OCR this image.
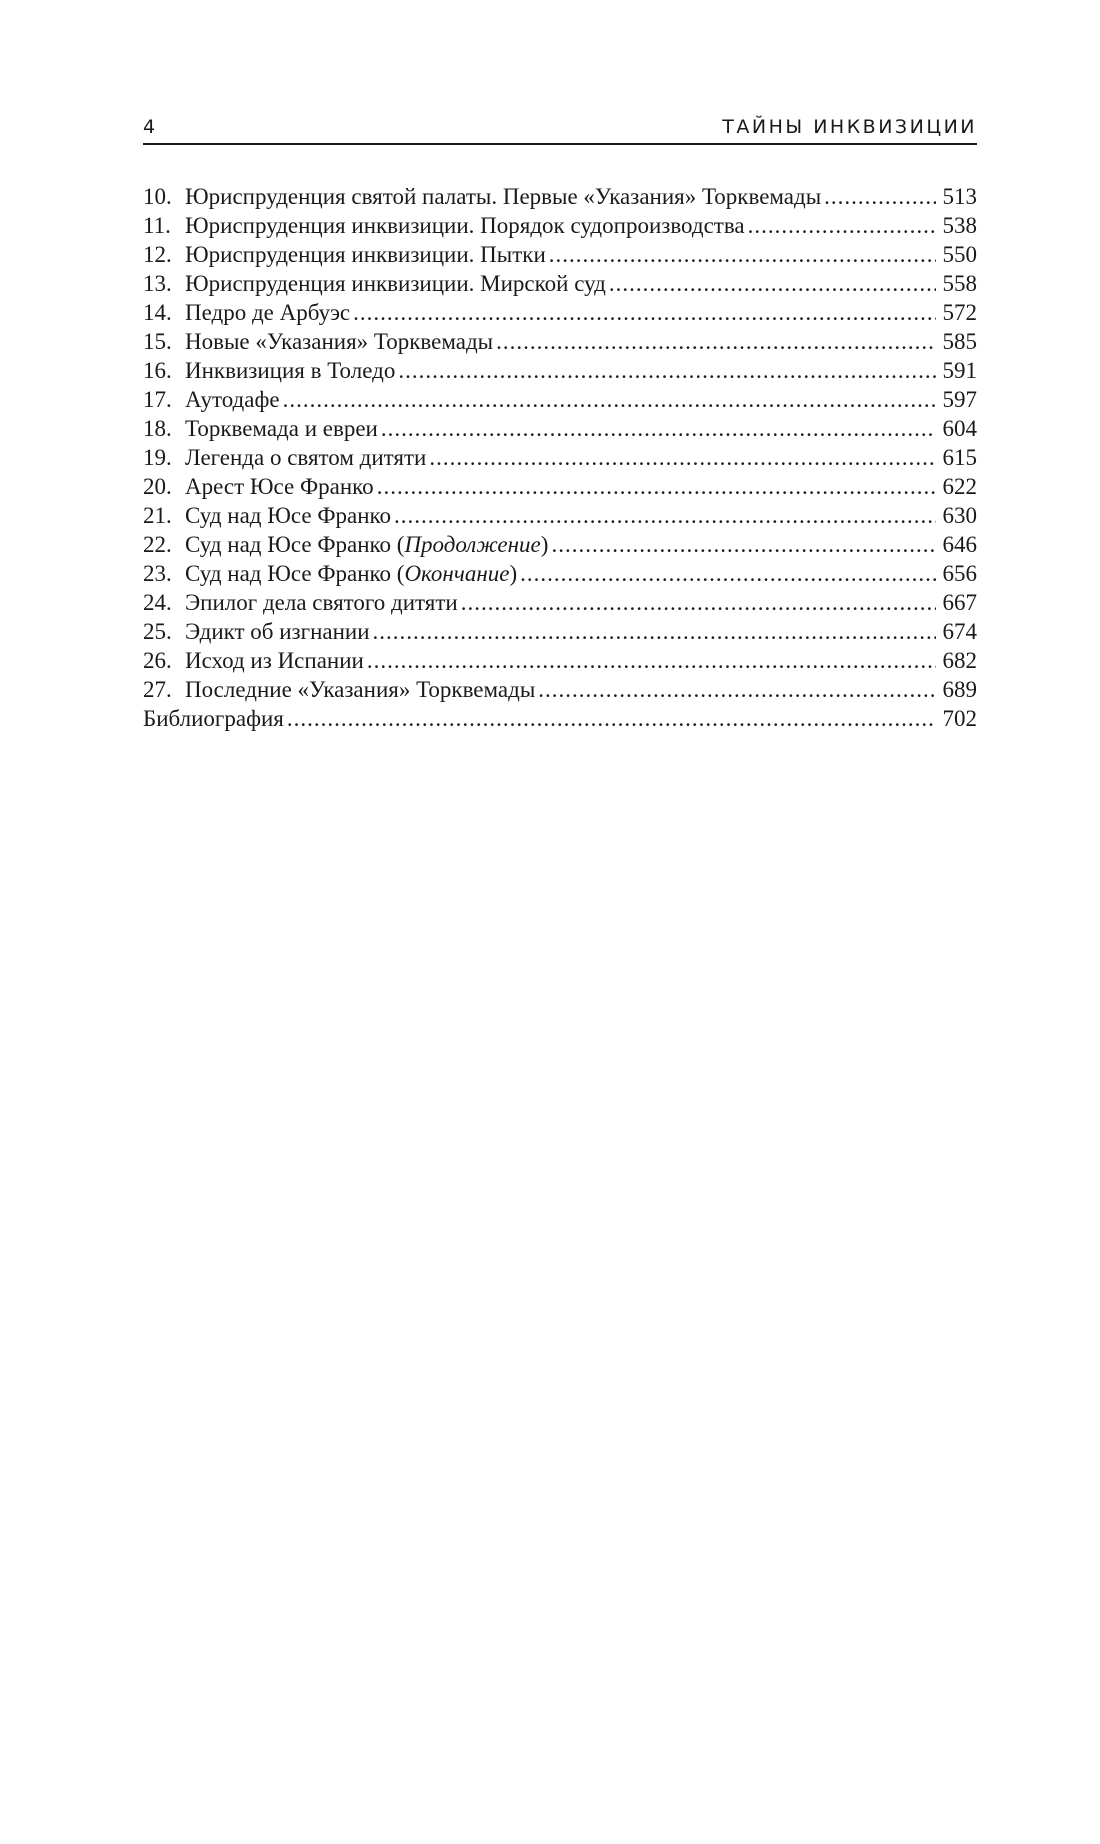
4	ТАЙНЫ ИНКВИЗИЦИИ
10. Юриспруденция святой палаты. Первые «Указания» Торквемады .....	513
11. Юриспруденция инквизиции. Порядок судопроизводства .....	538
12. Юриспруденция инквизиции. Пытки .....	550
13. Юриспруденция инквизиции. Мирской суд .....	558
14. Педро де Арбуэс .....	572
15. Новые «Указания» Торквемады .....	585
16. Инквизиция в Толедо .....	591
17. Аутодафе .....	597
18. Торквемада и евреи .....	604
19. Легенда о святом дитяти .....	615
20. Арест Юсе Франко .....	622
21. Суд над Юсе Франко .....	630
22. Суд над Юсе Франко (Продолжение) .....	646
23. Суд над Юсе Франко (Окончание) .....	656
24. Эпилог дела святого дитяти .....	667
25. Эдикт об изгнании .....	674
26. Исход из Испании .....	682
27. Последние «Указания» Торквемады .....	689
Библиография .....	702
